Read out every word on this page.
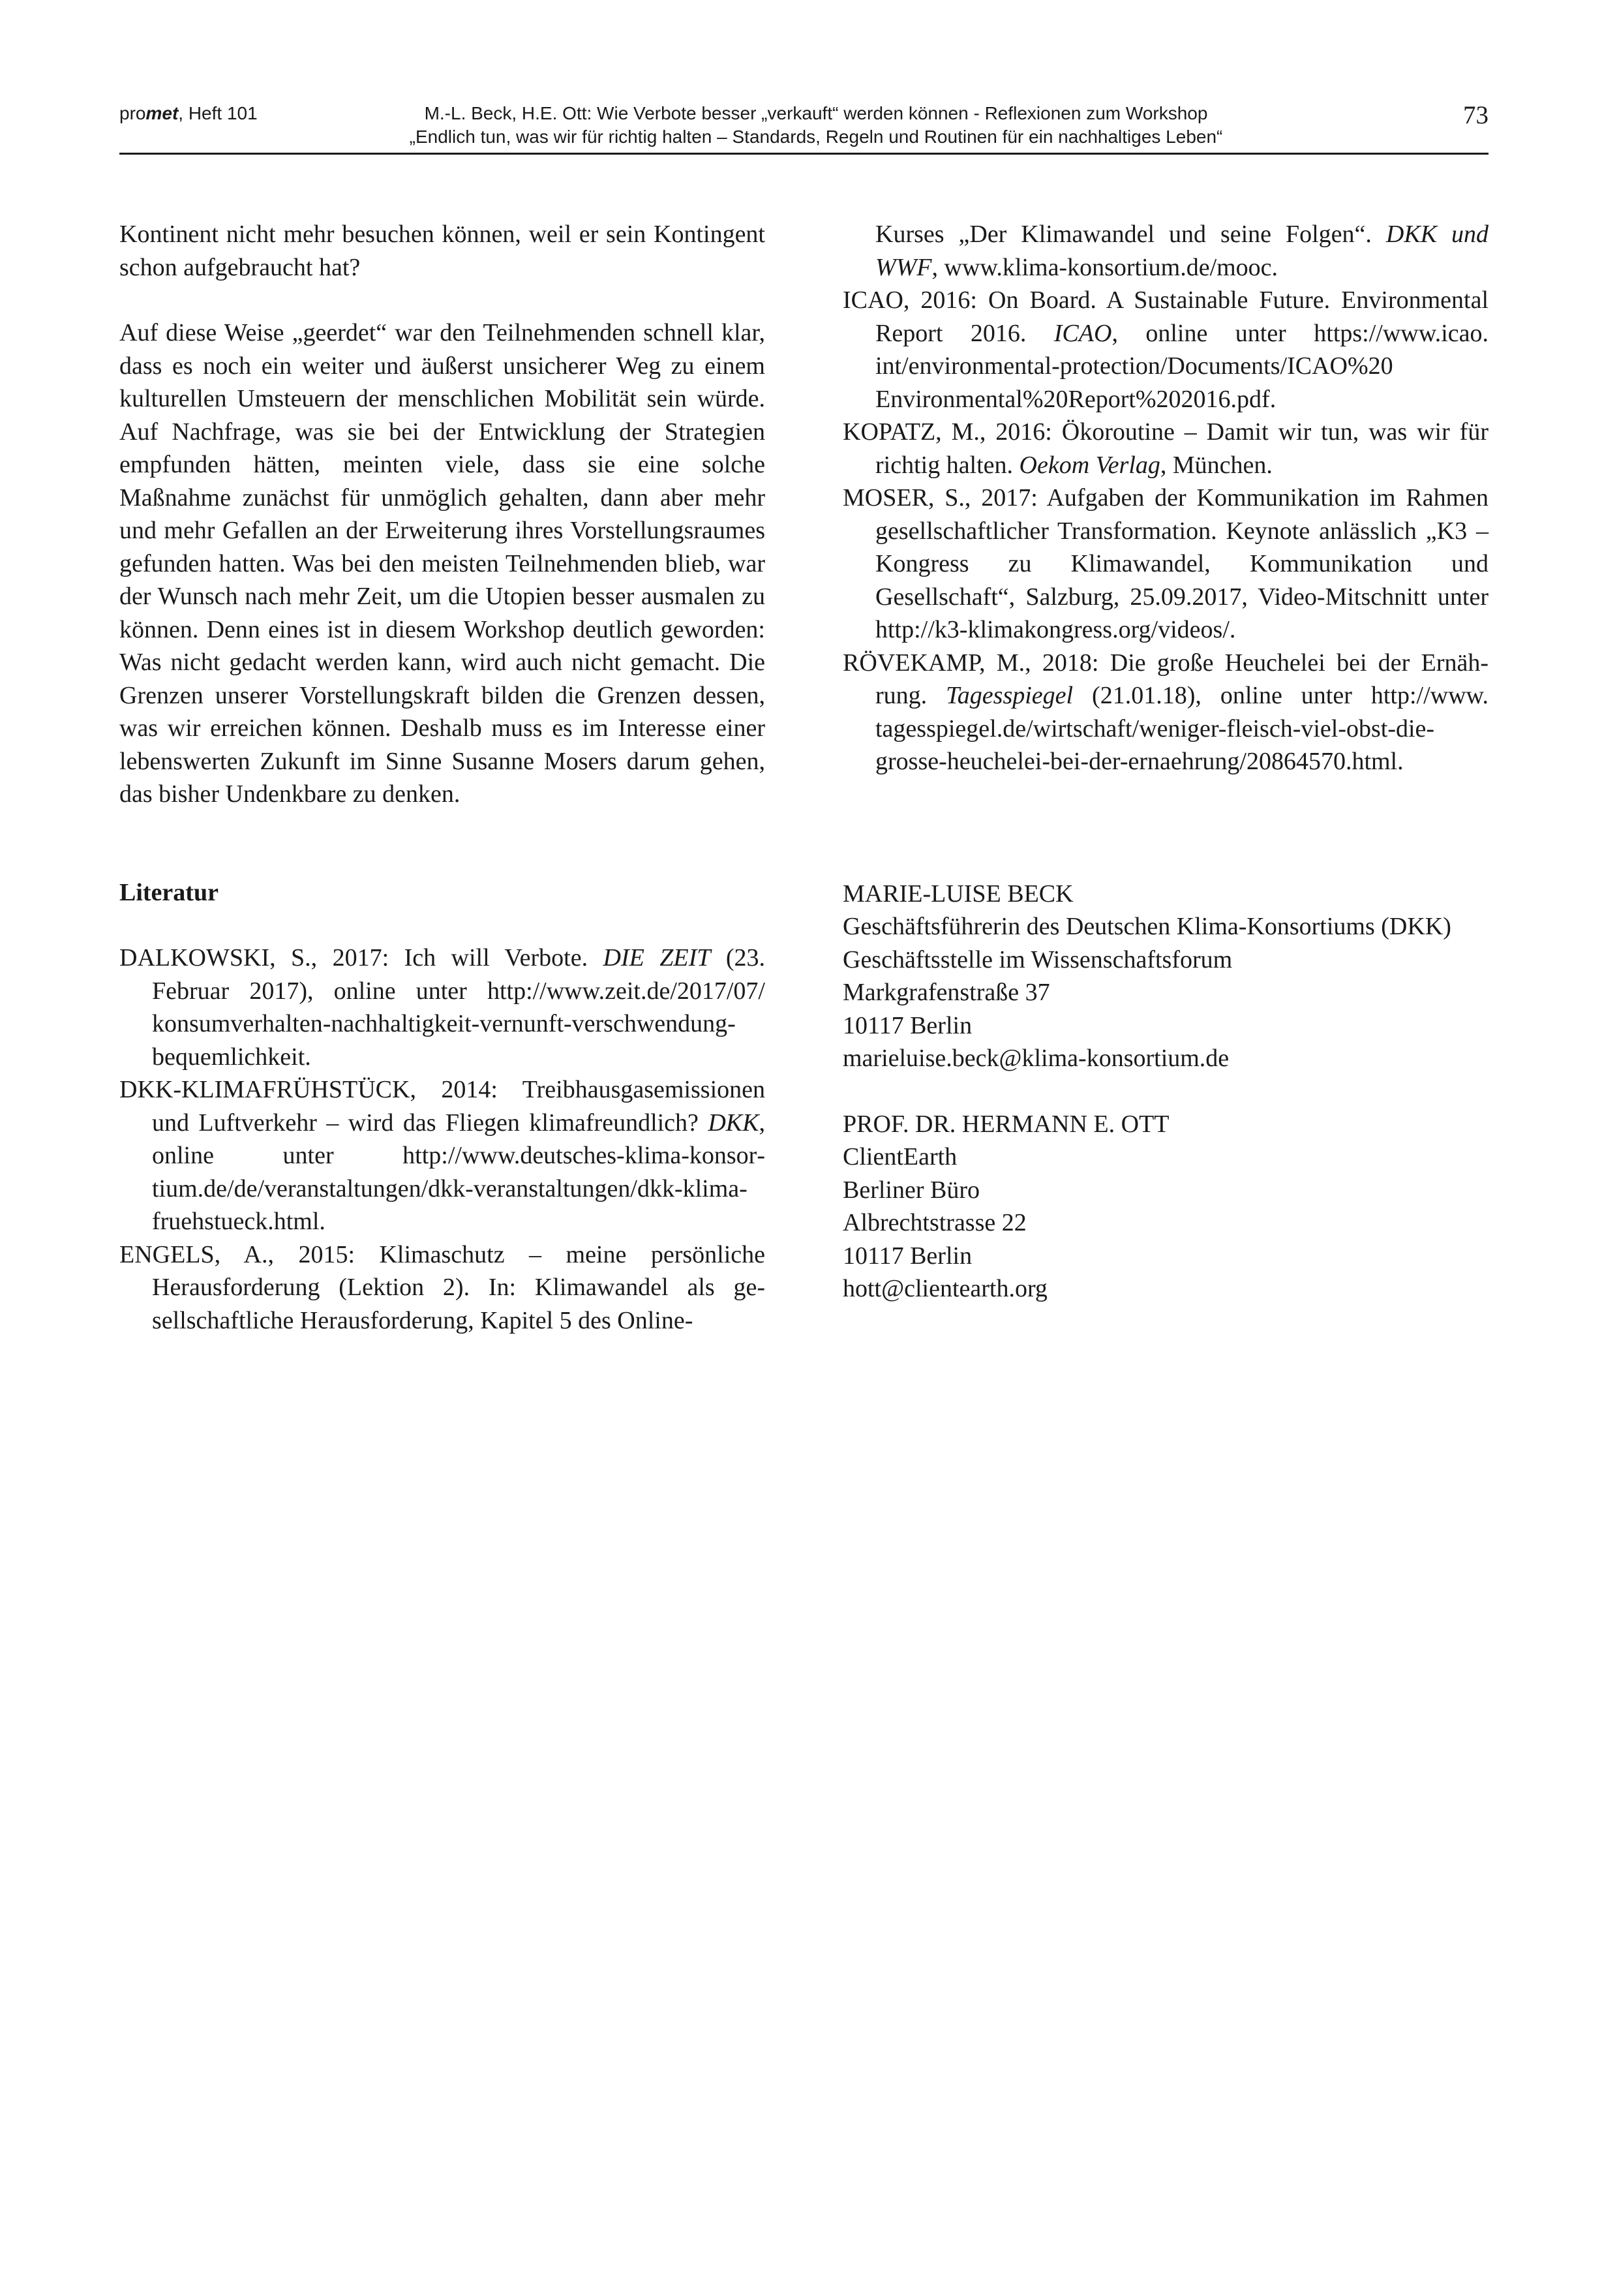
promet, Heft 101	M.-L. Beck, H.E. Ott: Wie Verbote besser „verkauft“ werden können - Reflexionen zum Workshop
„Endlich tun, was wir für richtig halten – Standards, Regeln und Routinen für ein nachhaltiges Leben“
73

Kontinent nicht mehr besuchen können, weil er sein Kontingent schon aufgebraucht hat?

Auf diese Weise „geerdet“ war den Teilnehmenden schnell klar, dass es noch ein weiter und äußerst unsicherer Weg zu einem kulturellen Umsteuern der menschlichen Mobilität sein würde. Auf Nachfrage, was sie bei der Entwicklung der Strategien empfunden hätten, meinten viele, dass sie eine solche Maßnahme zunächst für unmöglich gehalten, dann aber mehr und mehr Gefallen an der Erweiterung ihres Vorstellungsraumes gefunden hatten. Was bei den meisten Teilnehmenden blieb, war der Wunsch nach mehr Zeit, um die Utopien besser ausmalen zu können. Denn eines ist in diesem Workshop deutlich geworden: Was nicht gedacht werden kann, wird auch nicht gemacht. Die Grenzen unserer Vorstellungskraft bilden die Grenzen dessen, was wir erreichen können. Deshalb muss es im Interesse einer lebenswerten Zukunft im Sinne Susanne Mosers darum gehen, das bisher Undenkbare zu denken.

Literatur

DALKOWSKI, S., 2017: Ich will Verbote. DIE ZEIT (23. Februar 2017), online unter http://www.zeit.de/2017/07/ konsumverhalten-nachhaltigkeit-vernunft-verschwendung-bequemlichkeit.

DKK-KLIMAFRÜHSTÜCK, 2014: Treibhausgasemissionen und Luftverkehr – wird das Fliegen klimafreundlich? DKK, online unter http://www.deutsches-klima-konsortium.de/de/veranstaltungen/dkk-veranstaltungen/dkk-klima-fruehstueck.html.

ENGELS, A., 2015: Klimaschutz – meine persönliche Herausforderung (Lektion 2). In: Klimawandel als gesellschaftliche Herausforderung, Kapitel 5 des Online-

Kurses „Der Klimawandel und seine Folgen“. DKK und WWF, www.klima-konsortium.de/mooc.

ICAO, 2016: On Board. A Sustainable Future. Environmental Report 2016. ICAO, online unter https://www.icao. int/environmental-protection/Documents/ICAO%20 Environmental%20Report%202016.pdf.

KOPATZ, M., 2016: Ökoroutine – Damit wir tun, was wir für richtig halten. Oekom Verlag, München.

MOSER, S., 2017: Aufgaben der Kommunikation im Rahmen gesellschaftlicher Transformation. Keynote anlässlich „K3 – Kongress zu Klimawandel, Kommunikation und Gesellschaft“, Salzburg, 25.09.2017, Video-Mitschnitt unter http://k3-klimakongress.org/videos/.

RÖVEKAMP, M., 2018: Die große Heuchelei bei der Ernährung. Tagesspiegel (21.01.18), online unter http://www. tagesspiegel.de/wirtschaft/weniger-fleisch-viel-obst-die-grosse-heuchelei-bei-der-ernaehrung/20864570.html.

MARIE-LUISE BECK

Geschäftsführerin des Deutschen Klima-Konsortiums (DKK)

Geschäftsstelle im Wissenschaftsforum

Markgrafenstraße 37

10117 Berlin

marieluise.beck@klima-konsortium.de

PROF. DR. HERMANN E. OTT

ClientEarth

Berliner Büro

Albrechtstrasse 22

10117 Berlin

hott@clientearth.org
